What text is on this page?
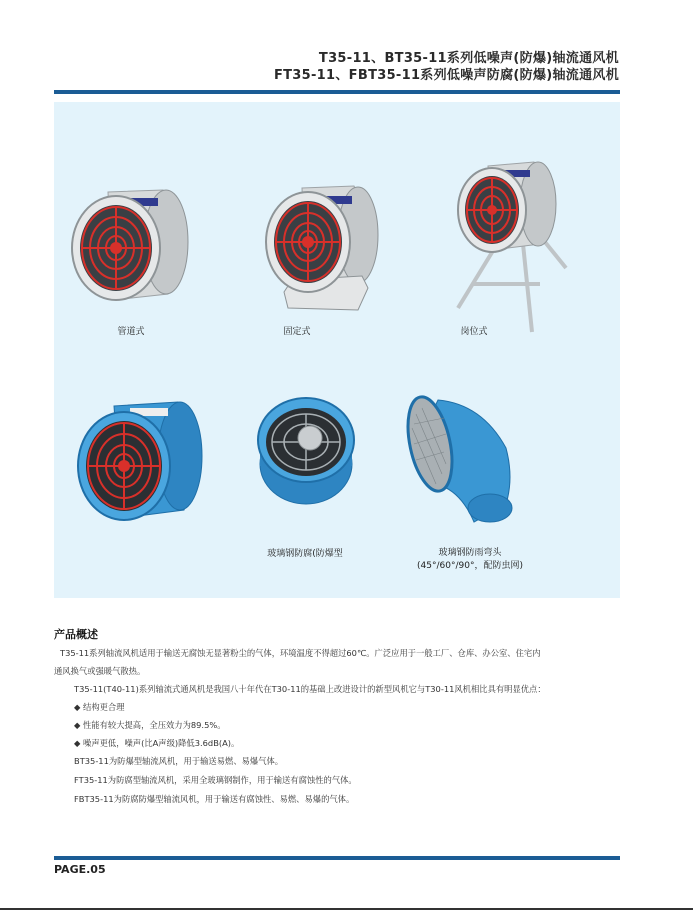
T35-11、BT35-11系列低噪声(防爆)轴流通风机
FT35-11、FBT35-11系列低噪声防腐(防爆)轴流通风机
管道式	固定式	岗位式
玻璃钢防腐(防爆型	玻璃钢防雨弯头
(45°/60°/90°，配防虫网)
产品概述
T35-11系列轴流风机适用于输送无腐蚀无显著粉尘的气体，环境温度不得超过60℃。广泛应用于一般工厂、仓库、办公室、住宅内
通风换气或强暖气散热。
T35-11(T40-11)系列轴流式通风机是我国八十年代在T30-11的基础上改进设计的新型风机它与T30-11风机相比具有明显优点：
◆ 结构更合理
◆ 性能有较大提高，全压效力为89.5%。
◆ 噪声更低，噪声(比A声级)降低3.6dB(A)。
BT35-11为防爆型轴流风机，用于输送易燃、易爆气体。
FT35-11为防腐型轴流风机，采用全玻璃钢制作，用于输送有腐蚀性的气体。
FBT35-11为防腐防爆型轴流风机，用于输送有腐蚀性、易燃、易爆的气体。
PAGE.05
